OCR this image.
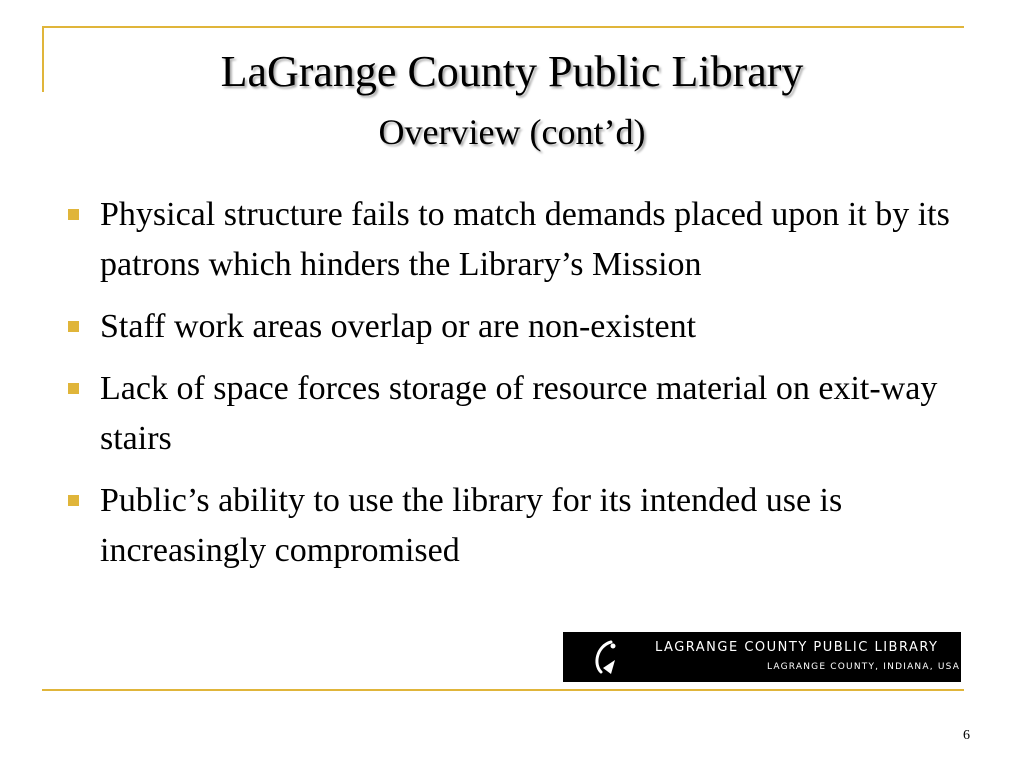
LaGrange County Public Library
Overview (cont’d)
Physical structure fails to match demands placed upon it by its patrons which hinders the Library’s Mission
Staff work areas overlap or are non-existent
Lack of space forces storage of resource material on exit-way stairs
Public’s ability to use the library for its intended use is increasingly compromised
LAGRANGE COUNTY PUBLIC LIBRARY
LAGRANGE COUNTY, INDIANA, USA
6
